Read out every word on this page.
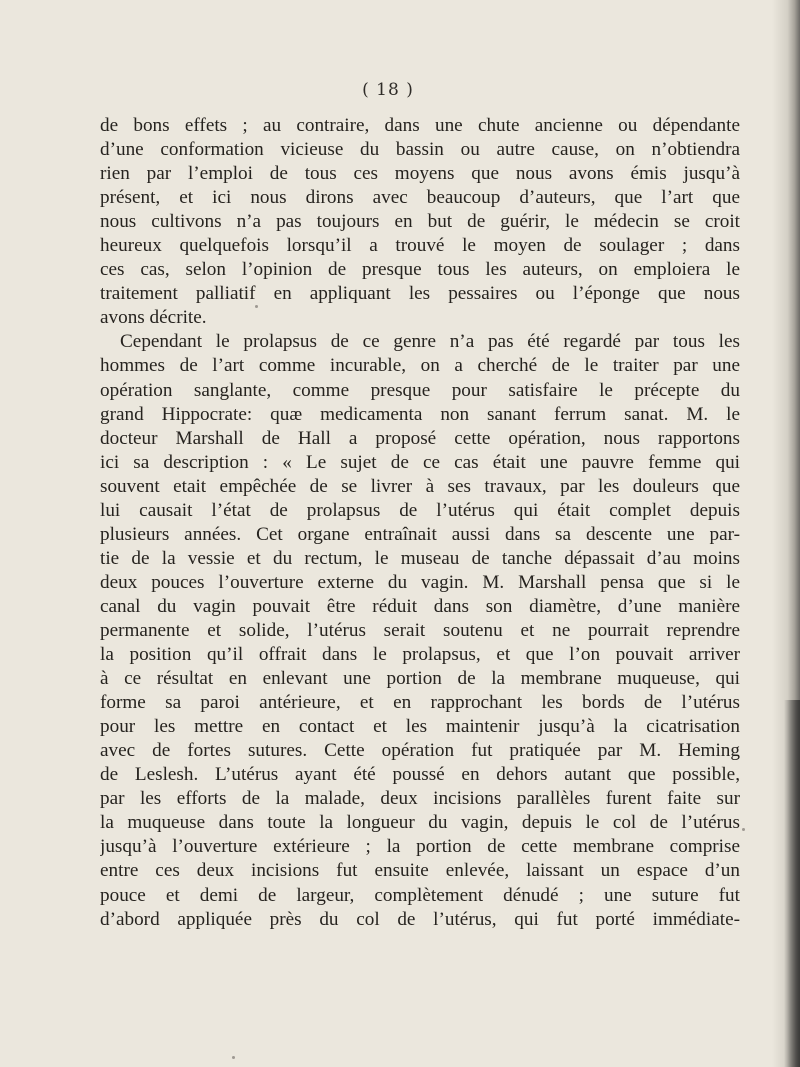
( 18 )
de bons effets ; au contraire, dans une chute ancienne ou dépendante
d’une conformation vicieuse du bassin ou autre cause, on n’obtiendra
rien par l’emploi de tous ces moyens que nous avons émis jusqu’à
présent, et ici nous dirons avec beaucoup d’auteurs, que l’art que
nous cultivons n’a pas toujours en but de guérir, le médecin se croit
heureux quelquefois lorsqu’il a trouvé le moyen de soulager ; dans
ces cas, selon l’opinion de presque tous les auteurs, on emploiera le
traitement palliatif en appliquant les pessaires ou l’éponge que nous
avons décrite.
Cependant le prolapsus de ce genre n’a pas été regardé par tous les
hommes de l’art comme incurable, on a cherché de le traiter par une
opération sanglante, comme presque pour satisfaire le précepte du
grand Hippocrate: quæ medicamenta non sanant ferrum sanat. M. le
docteur Marshall de Hall a proposé cette opération, nous rapportons
ici sa description : « Le sujet de ce cas était une pauvre femme qui
souvent etait empêchée de se livrer à ses travaux, par les douleurs que
lui causait l’état de prolapsus de l’utérus qui était complet depuis
plusieurs années. Cet organe entraînait aussi dans sa descente une par-
tie de la vessie et du rectum, le museau de tanche dépassait d’au moins
deux pouces l’ouverture externe du vagin. M. Marshall pensa que si le
canal du vagin pouvait être réduit dans son diamètre, d’une manière
permanente et solide, l’utérus serait soutenu et ne pourrait reprendre
la position qu’il offrait dans le prolapsus, et que l’on pouvait arriver
à ce résultat en enlevant une portion de la membrane muqueuse, qui
forme sa paroi antérieure, et en rapprochant les bords de l’utérus
pour les mettre en contact et les maintenir jusqu’à la cicatrisation
avec de fortes sutures. Cette opération fut pratiquée par M. Heming
de Leslesh. L’utérus ayant été poussé en dehors autant que possible,
par les efforts de la malade, deux incisions parallèles furent faite sur
la muqueuse dans toute la longueur du vagin, depuis le col de l’utérus
jusqu’à l’ouverture extérieure ; la portion de cette membrane comprise
entre ces deux incisions fut ensuite enlevée, laissant un espace d’un
pouce et demi de largeur, complètement dénudé ; une suture fut
d’abord appliquée près du col de l’utérus, qui fut porté immédiate-
